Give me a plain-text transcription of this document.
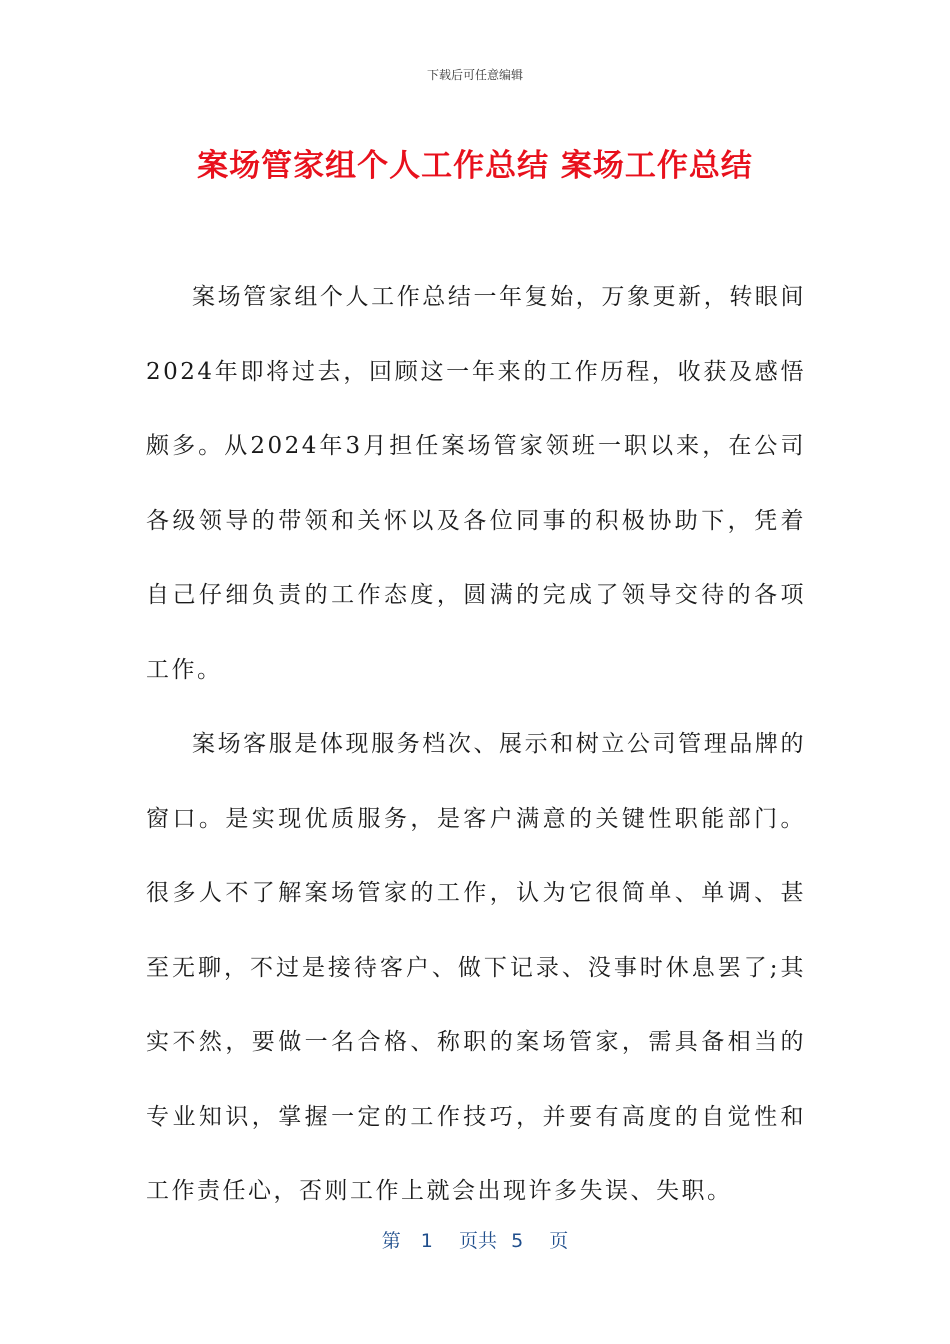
下载后可任意编辑
案场管家组个人工作总结 案场工作总结

案场管家组个人工作总结一年复始，万象更新，转眼间2024年即将过去，回顾这一年来的工作历程，收获及感悟颇多。从2024年3月担任案场管家领班一职以来，在公司各级领导的带领和关怀以及各位同事的积极协助下，凭着自己仔细负责的工作态度，圆满的完成了领导交待的各项工作。

案场客服是体现服务档次、展示和树立公司管理品牌的窗口。是实现优质服务，是客户满意的关键性职能部门。很多人不了解案场管家的工作，认为它很简单、单调、甚至无聊，不过是接待客户、做下记录、没事时休息罢了;其实不然，要做一名合格、称职的案场管家，需具备相当的专业知识，掌握一定的工作技巧，并要有高度的自觉性和工作责任心，否则工作上就会出现许多失误、失职。

第 1 页共 5 页
